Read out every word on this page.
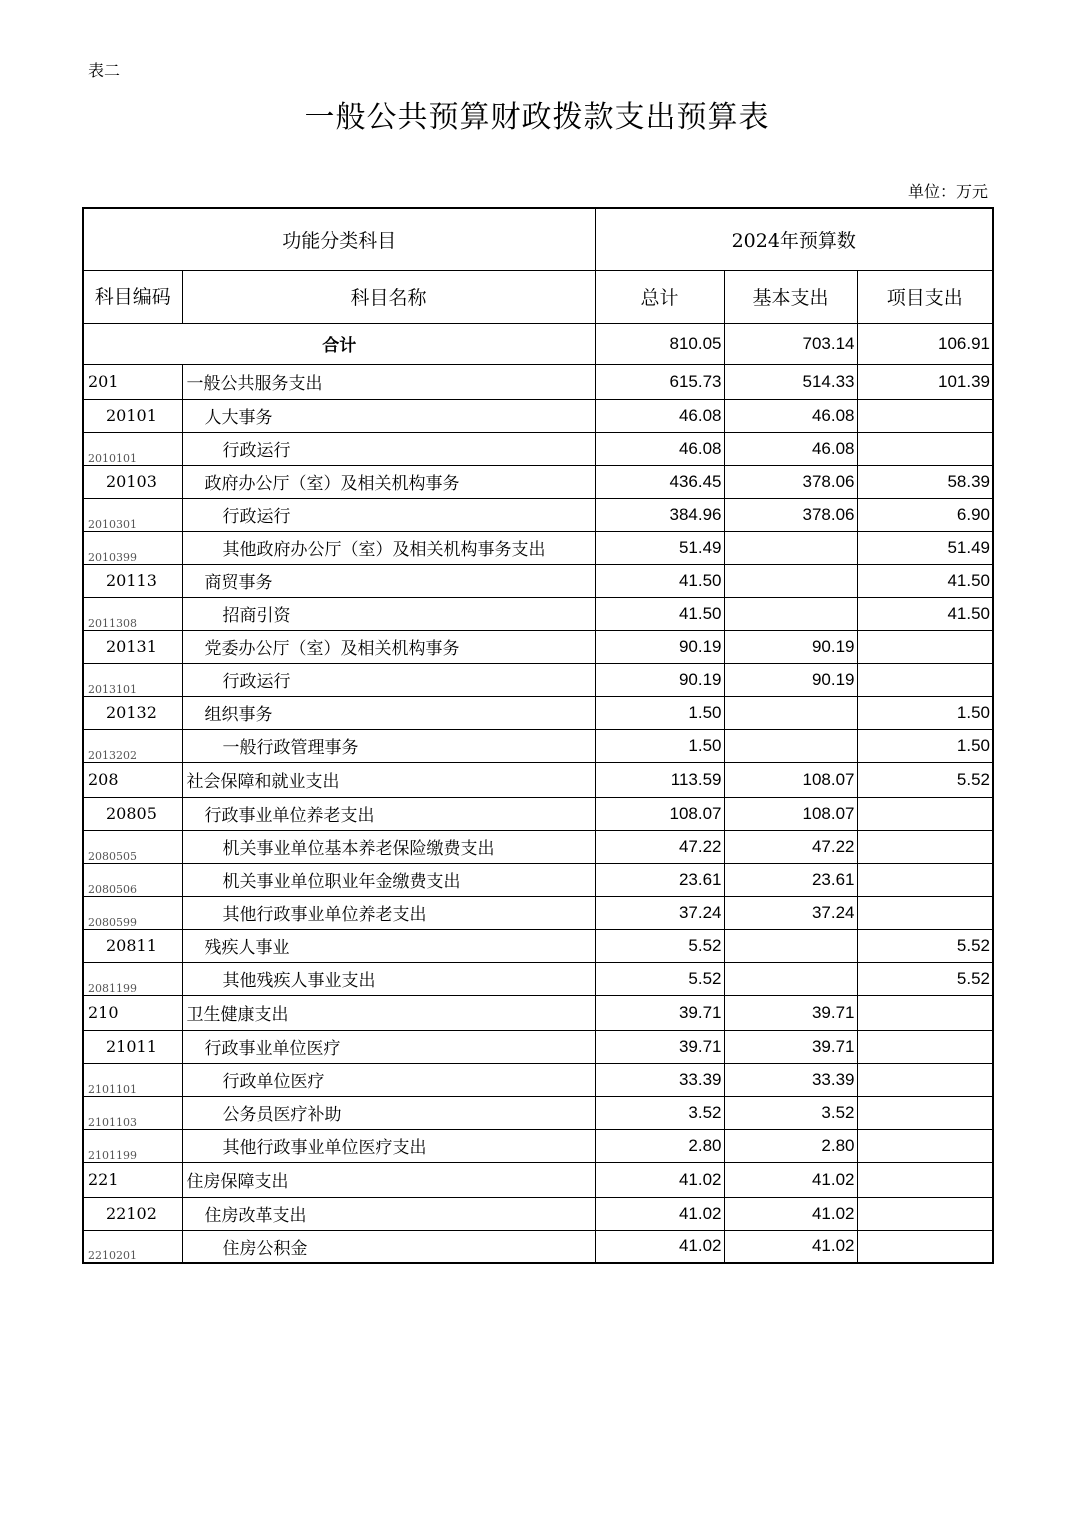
表二
一般公共预算财政拨款支出预算表
单位：万元
功能分类科目		2024年预算数		
科目编码	科目名称	总计	基本支出	项目支出
合计		810.05	703.14	106.91
201	一般公共服务支出	615.73	514.33	101.39
20101	人大事务	46.08	46.08	
2010101	行政运行	46.08	46.08	
20103	政府办公厅（室）及相关机构事务	436.45	378.06	58.39
2010301	行政运行	384.96	378.06	6.90
2010399	其他政府办公厅（室）及相关机构事务支出	51.49		51.49
20113	商贸事务	41.50		41.50
2011308	招商引资	41.50		41.50
20131	党委办公厅（室）及相关机构事务	90.19	90.19	
2013101	行政运行	90.19	90.19	
20132	组织事务	1.50		1.50
2013202	一般行政管理事务	1.50		1.50
208	社会保障和就业支出	113.59	108.07	5.52
20805	行政事业单位养老支出	108.07	108.07	
2080505	机关事业单位基本养老保险缴费支出	47.22	47.22	
2080506	机关事业单位职业年金缴费支出	23.61	23.61	
2080599	其他行政事业单位养老支出	37.24	37.24	
20811	残疾人事业	5.52		5.52
2081199	其他残疾人事业支出	5.52		5.52
210	卫生健康支出	39.71	39.71	
21011	行政事业单位医疗	39.71	39.71	
2101101	行政单位医疗	33.39	33.39	
2101103	公务员医疗补助	3.52	3.52	
2101199	其他行政事业单位医疗支出	2.80	2.80	
221	住房保障支出	41.02	41.02	
22102	住房改革支出	41.02	41.02	
2210201	住房公积金	41.02	41.02	
